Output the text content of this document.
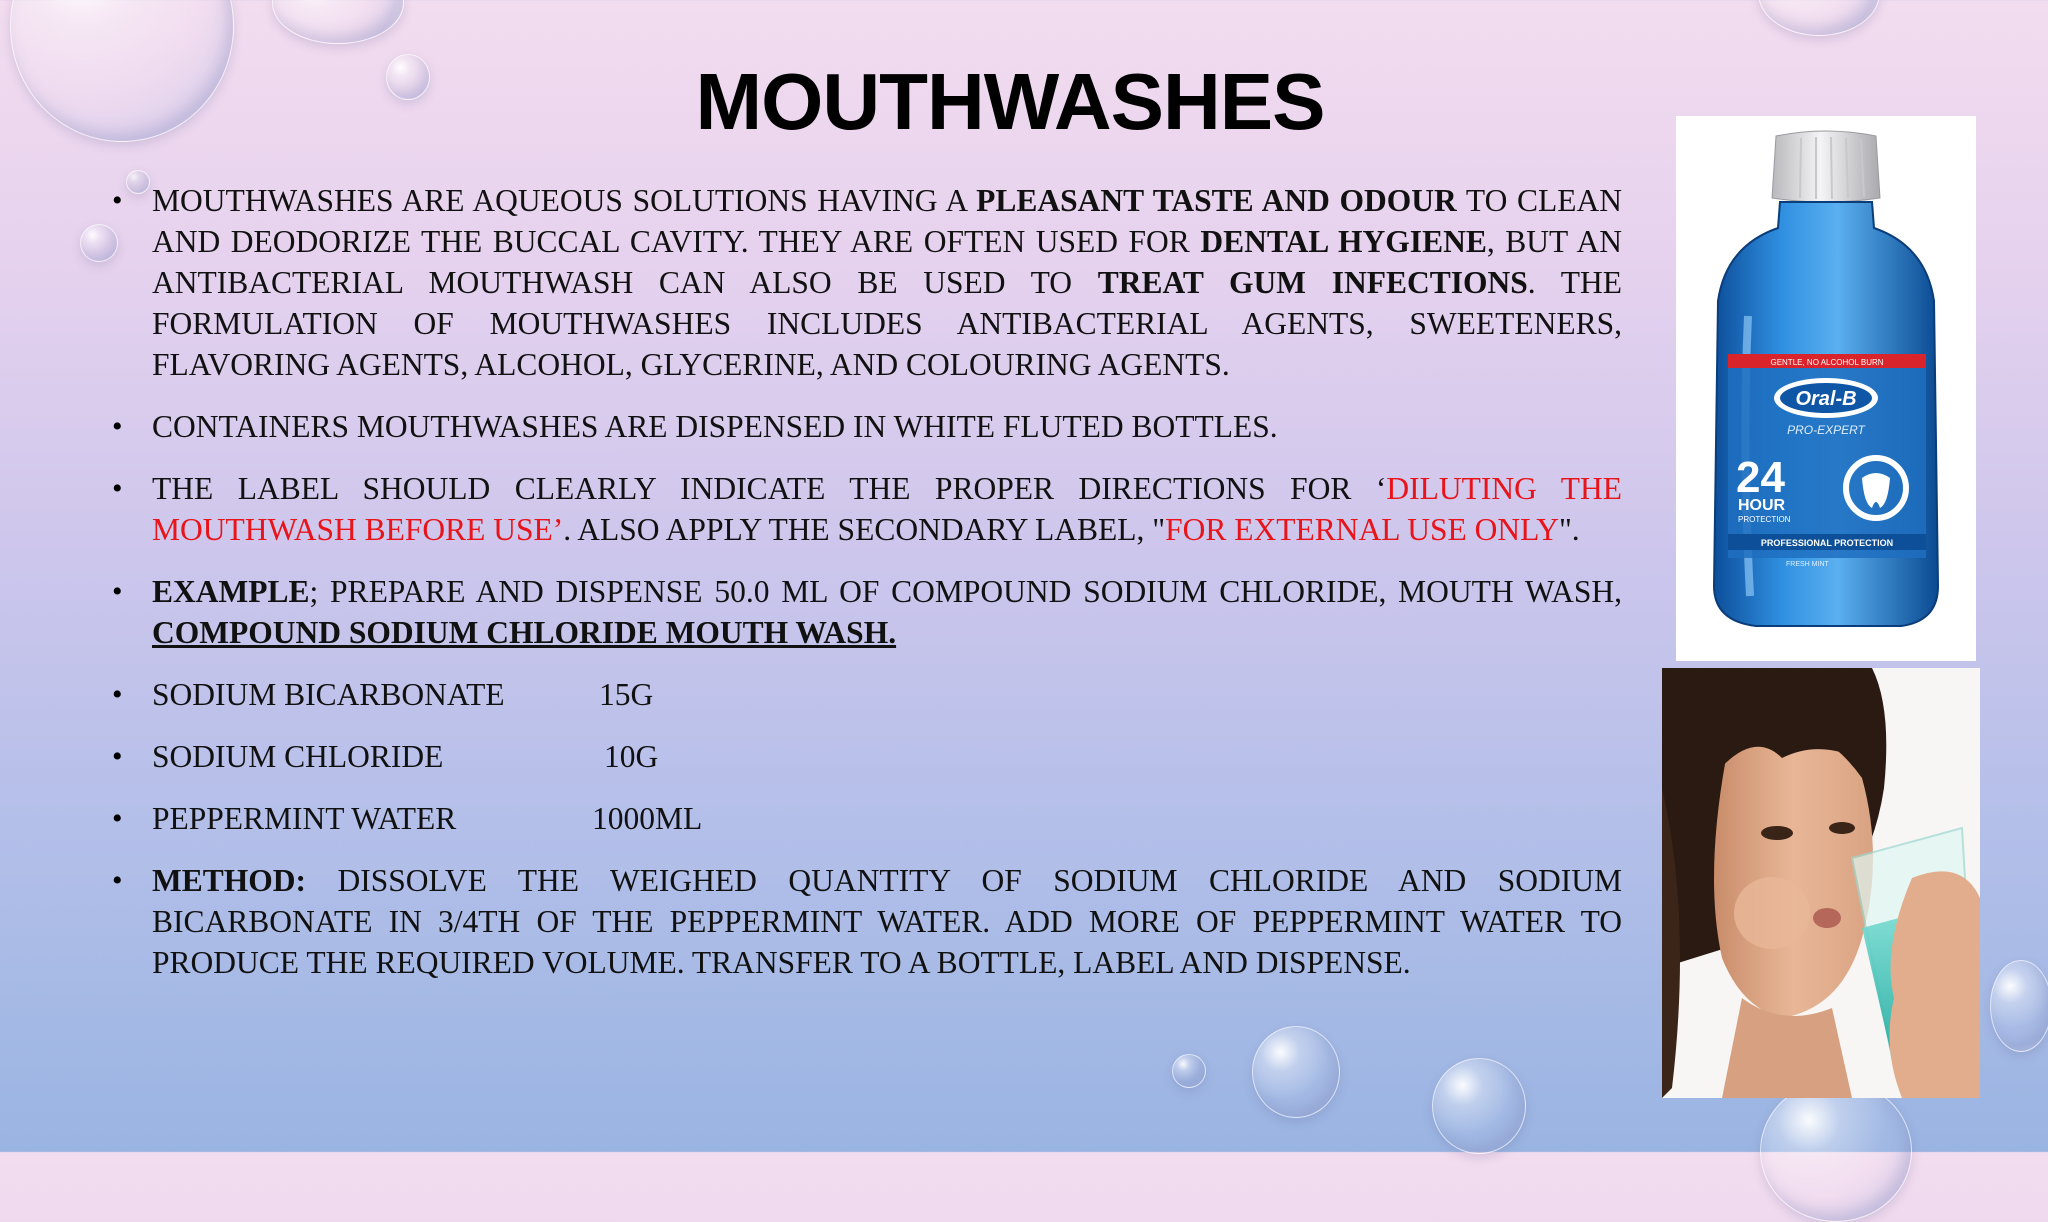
MOUTHWASHES
• MOUTHWASHES ARE AQUEOUS SOLUTIONS HAVING A PLEASANT TASTE AND ODOUR TO CLEAN AND DEODORIZE THE BUCCAL CAVITY. THEY ARE OFTEN USED FOR DENTAL HYGIENE, BUT AN ANTIBACTERIAL MOUTHWASH CAN ALSO BE USED TO TREAT GUM INFECTIONS. THE FORMULATION OF MOUTHWASHES INCLUDES ANTIBACTERIAL AGENTS, SWEETENERS, FLAVORING AGENTS, ALCOHOL, GLYCERINE, AND COLOURING AGENTS.
• CONTAINERS MOUTHWASHES ARE DISPENSED IN WHITE FLUTED BOTTLES.
• THE LABEL SHOULD CLEARLY INDICATE THE PROPER DIRECTIONS FOR ‘DILUTING THE MOUTHWASH BEFORE USE’. ALSO APPLY THE SECONDARY LABEL, "FOR EXTERNAL USE ONLY".
• EXAMPLE; PREPARE AND DISPENSE 50.0 ML OF COMPOUND SODIUM CHLORIDE, MOUTH WASH, COMPOUND SODIUM CHLORIDE MOUTH WASH.
• SODIUM BICARBONATE	15G
• SODIUM CHLORIDE	10G
• PEPPERMINT WATER	1000ML
• METHOD: DISSOLVE THE WEIGHED QUANTITY OF SODIUM CHLORIDE AND SODIUM BICARBONATE IN 3/4TH OF THE PEPPERMINT WATER. ADD MORE OF PEPPERMINT WATER TO PRODUCE THE REQUIRED VOLUME. TRANSFER TO A BOTTLE, LABEL AND DISPENSE.
GENTLE, NO ALCOHOL BURN
Oral-B
PRO-EXPERT
24
HOUR
PROTECTION
PROFESSIONAL PROTECTION
FRESH MINT
